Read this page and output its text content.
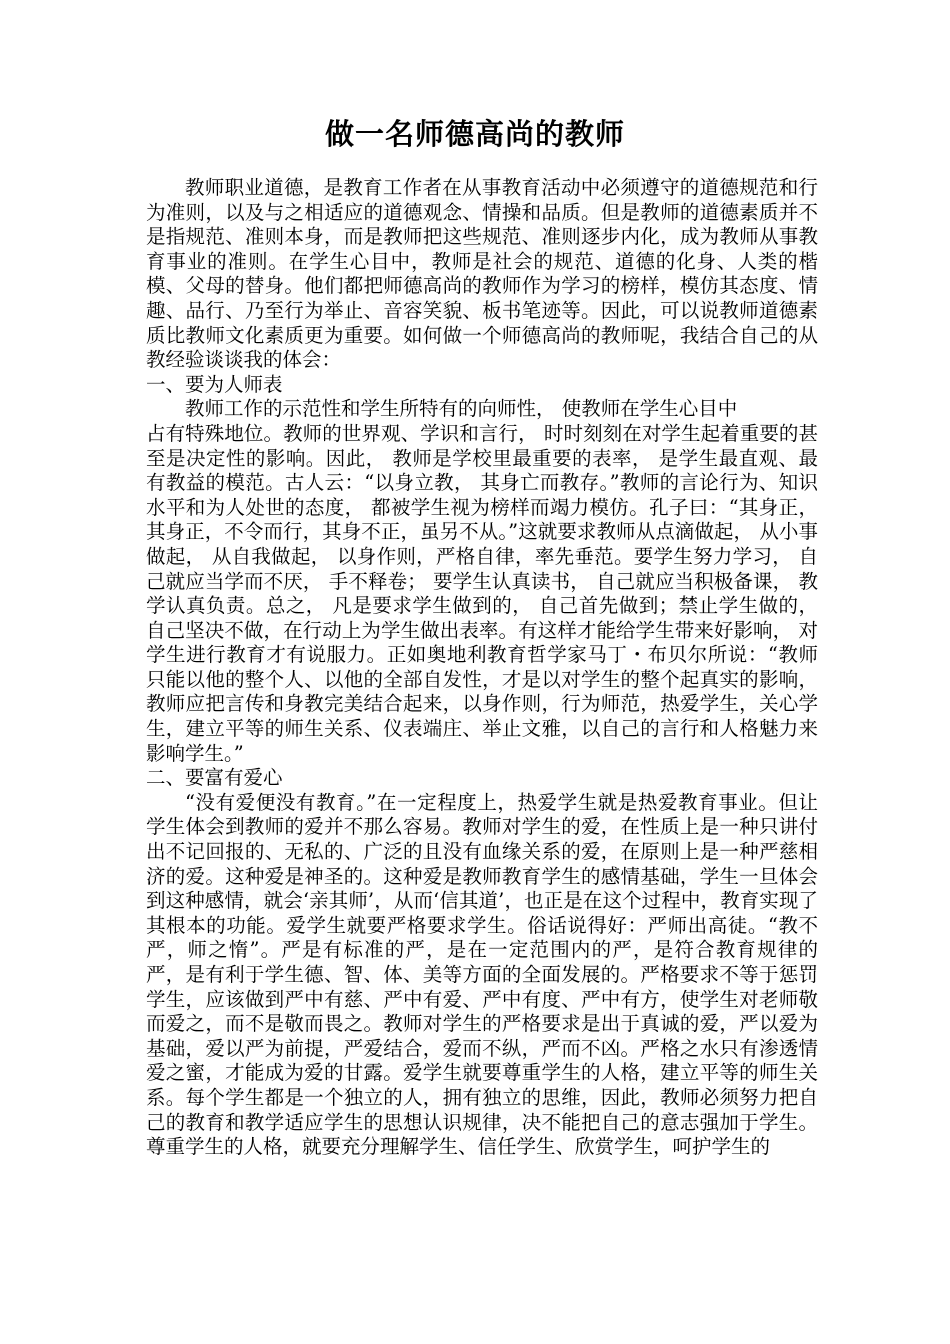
做一名师德高尚的教师

教师职业道德，是教育工作者在从事教育活动中必须遵守的道德规范和行为准则，以及与之相适应的道德观念、情操和品质。但是教师的道德素质并不是指规范、准则本身，而是教师把这些规范、准则逐步内化，成为教师从事教育事业的准则。在学生心目中，教师是社会的规范、道德的化身、人类的楷模、父母的替身。他们都把师德高尚的教师作为学习的榜样，模仿其态度、情趣、品行、乃至行为举止、音容笑貌、板书笔迹等。因此，可以说教师道德素质比教师文化素质更为重要。如何做一个师德高尚的教师呢，我结合自己的从教经验谈谈我的体会：

一、要为人师表

教师工作的示范性和学生所特有的向师性， 使教师在学生心目中

占有特殊地位。教师的世界观、学识和言行， 时时刻刻在对学生起着重要的甚至是决定性的影响。因此， 教师是学校里最重要的表率， 是学生最直观、最有教益的模范。古人云：“以身立教， 其身亡而教存。”教师的言论行为、知识水平和为人处世的态度， 都被学生视为榜样而竭力模仿。孔子曰：“其身正，其身正，不令而行，其身不正，虽另不从。”这就要求教师从点滴做起， 从小事做起， 从自我做起， 以身作则，严格自律，率先垂范。要学生努力学习， 自己就应当学而不厌， 手不释卷； 要学生认真读书， 自己就应当积极备课， 教学认真负责。总之， 凡是要求学生做到的， 自己首先做到；禁止学生做的，自己坚决不做，在行动上为学生做出表率。有这样才能给学生带来好影响， 对学生进行教育才有说服力。正如奥地利教育哲学家马丁・布贝尔所说：“教师只能以他的整个人、以他的全部自发性，才是以对学生的整个起真实的影响，教师应把言传和身教完美结合起来，以身作则，行为师范，热爱学生，关心学生，建立平等的师生关系、仪表端庄、举止文雅，以自己的言行和人格魅力来影响学生。”

二、要富有爱心

“没有爱便没有教育。”在一定程度上，热爱学生就是热爱教育事业。但让学生体会到教师的爱并不那么容易。教师对学生的爱，在性质上是一种只讲付出不记回报的、无私的、广泛的且没有血缘关系的爱，在原则上是一种严慈相济的爱。这种爱是神圣的。这种爱是教师教育学生的感情基础，学生一旦体会到这种感情，就会‘亲其师’，从而‘信其道’，也正是在这个过程中，教育实现了其根本的功能。爱学生就要严格要求学生。俗话说得好：严师出高徒。“教不严，师之惰”。严是有标准的严，是在一定范围内的严，是符合教育规律的严，是有利于学生德、智、体、美等方面的全面发展的。严格要求不等于惩罚学生，应该做到严中有慈、严中有爱、严中有度、严中有方，使学生对老师敬而爱之，而不是敬而畏之。教师对学生的严格要求是出于真诚的爱，严以爱为基础，爱以严为前提，严爱结合，爱而不纵，严而不凶。严格之水只有渗透情爱之蜜，才能成为爱的甘露。爱学生就要尊重学生的人格，建立平等的师生关系。每个学生都是一个独立的人，拥有独立的思维，因此，教师必须努力把自己的教育和教学适应学生的思想认识规律，决不能把自己的意志强加于学生。尊重学生的人格，就要充分理解学生、信任学生、欣赏学生，呵护学生的
